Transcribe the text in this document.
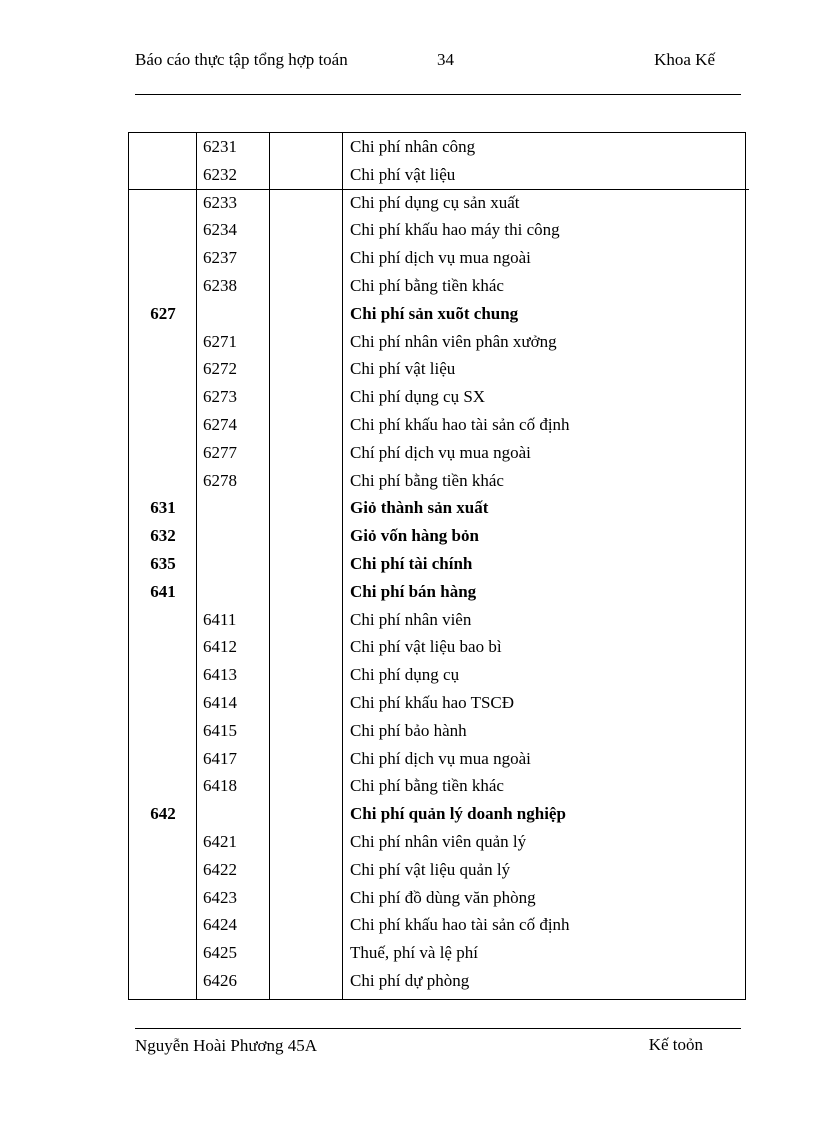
Báo cáo thực tập tổng hợp toán	34	Khoa Kế
6231	Chi phí nhân công
6232	Chi phí vật liệu
6233	Chi phí dụng cụ sản xuất
6234	Chi phí khấu hao máy thi công
6237	Chi phí dịch vụ mua ngoài
6238	Chi phí bằng tiền khác
627	Chi phí sản xuõt chung
6271	Chi phí nhân viên phân xưởng
6272	Chi phí vật liệu
6273	Chi phí dụng cụ SX
6274	Chi phí khấu hao tài sản cố định
6277	Chí phí dịch vụ mua ngoài
6278	Chi phí bằng tiền khác
631	Giỏ thành sản xuất
632	Giỏ vốn hàng bỏn
635	Chi phí tài chính
641	Chi phí bán hàng
6411	Chi phí nhân viên
6412	Chi phí vật liệu bao bì
6413	Chi phí dụng cụ
6414	Chi phí khấu hao TSCĐ
6415	Chi phí bảo hành
6417	Chi phí dịch vụ mua ngoài
6418	Chi phí bằng tiền khác
642	Chi phí quản lý doanh nghiệp
6421	Chi phí nhân viên quản lý
6422	Chi phí vật liệu quản lý
6423	Chi phí đồ dùng văn phòng
6424	Chi phí khấu hao tài sản cố định
6425	Thuế, phí và lệ phí
6426	Chi phí dự phòng
Nguyễn Hoài Phương 45A	Kế toỏn
